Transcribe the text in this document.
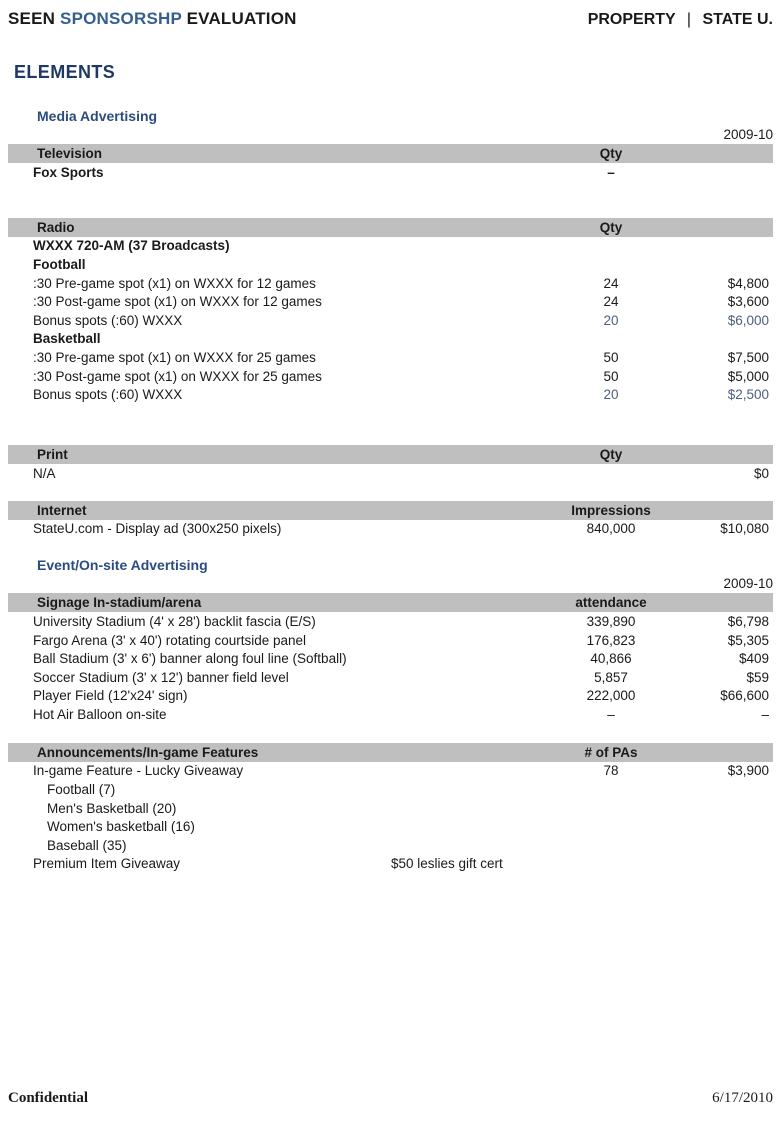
SEEN SPONSORSHP EVALUATION	PROPERTY | STATE U.
ELEMENTS
Media Advertising
2009-10
Television	Qty
Fox Sports	–
Radio	Qty
WXXX 720-AM (37 Broadcasts)
Football
:30 Pre-game spot (x1) on WXXX for 12 games	24	$4,800
:30 Post-game spot (x1) on WXXX for 12 games	24	$3,600
Bonus spots (:60) WXXX	20	$6,000
Basketball
:30 Pre-game spot (x1) on WXXX for 25 games	50	$7,500
:30 Post-game spot (x1) on WXXX for 25 games	50	$5,000
Bonus spots (:60) WXXX	20	$2,500
Print	Qty
N/A	$0
Internet	Impressions
StateU.com - Display ad (300x250 pixels)	840,000	$10,080
Event/On-site Advertising
2009-10
Signage In-stadium/arena	attendance
University Stadium (4' x 28') backlit fascia (E/S)	339,890	$6,798
Fargo Arena (3' x 40') rotating courtside panel	176,823	$5,305
Ball Stadium (3' x 6') banner along foul line (Softball)	40,866	$409
Soccer Stadium (3' x 12') banner field level	5,857	$59
Player Field (12'x24' sign)	222,000	$66,600
Hot Air Balloon on-site	–	–
Announcements/In-game Features	# of PAs
In-game Feature - Lucky Giveaway	78	$3,900
Football (7)
Men's Basketball (20)
Women's basketball (16)
Baseball (35)
Premium Item Giveaway	$50 leslies gift cert
Confidential	6/17/2010
